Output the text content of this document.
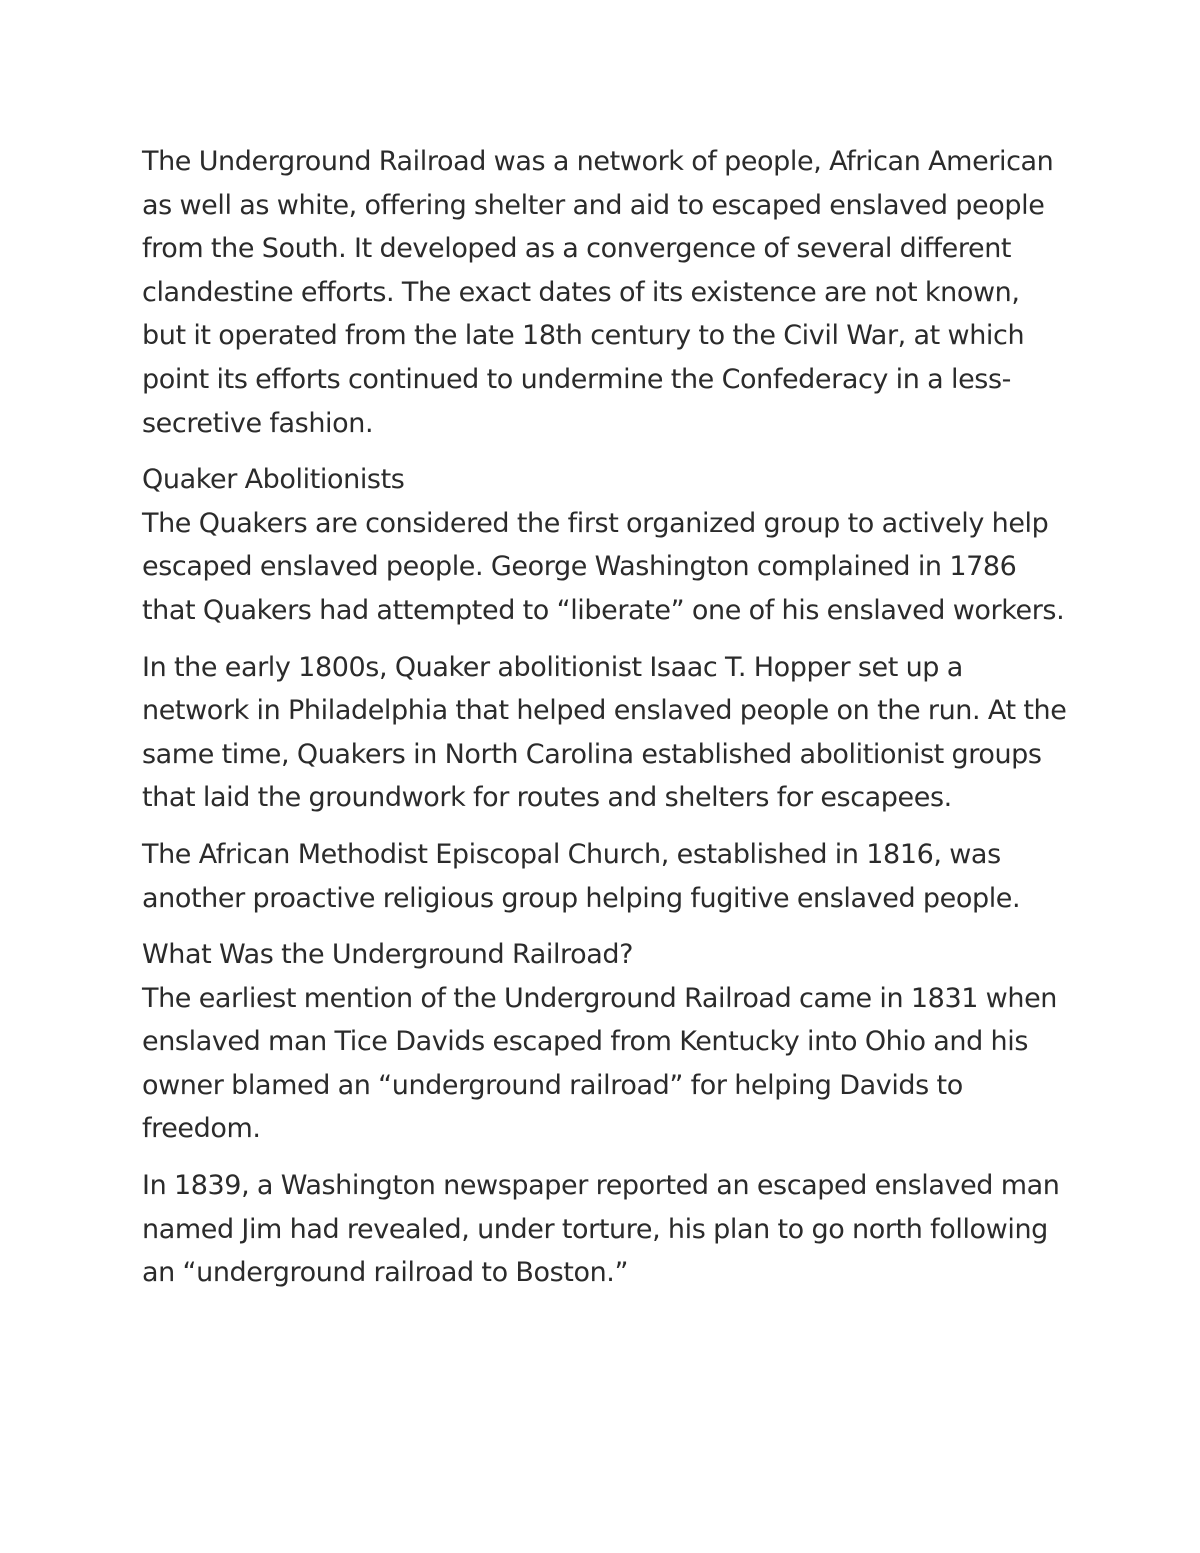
The Underground Railroad was a network of people, African American as well as white, offering shelter and aid to escaped enslaved people from the South. It developed as a convergence of several different clandestine efforts. The exact dates of its existence are not known, but it operated from the late 18th century to the Civil War, at which point its efforts continued to undermine the Confederacy in a less-secretive fashion.

Quaker Abolitionists

The Quakers are considered the first organized group to actively help escaped enslaved people. George Washington complained in 1786 that Quakers had attempted to “liberate” one of his enslaved workers.

In the early 1800s, Quaker abolitionist Isaac T. Hopper set up a network in Philadelphia that helped enslaved people on the run. At the same time, Quakers in North Carolina established abolitionist groups that laid the groundwork for routes and shelters for escapees.

The African Methodist Episcopal Church, established in 1816, was another proactive religious group helping fugitive enslaved people.

What Was the Underground Railroad?

The earliest mention of the Underground Railroad came in 1831 when enslaved man Tice Davids escaped from Kentucky into Ohio and his owner blamed an “underground railroad” for helping Davids to freedom.

In 1839, a Washington newspaper reported an escaped enslaved man named Jim had revealed, under torture, his plan to go north following an “underground railroad to Boston.”
